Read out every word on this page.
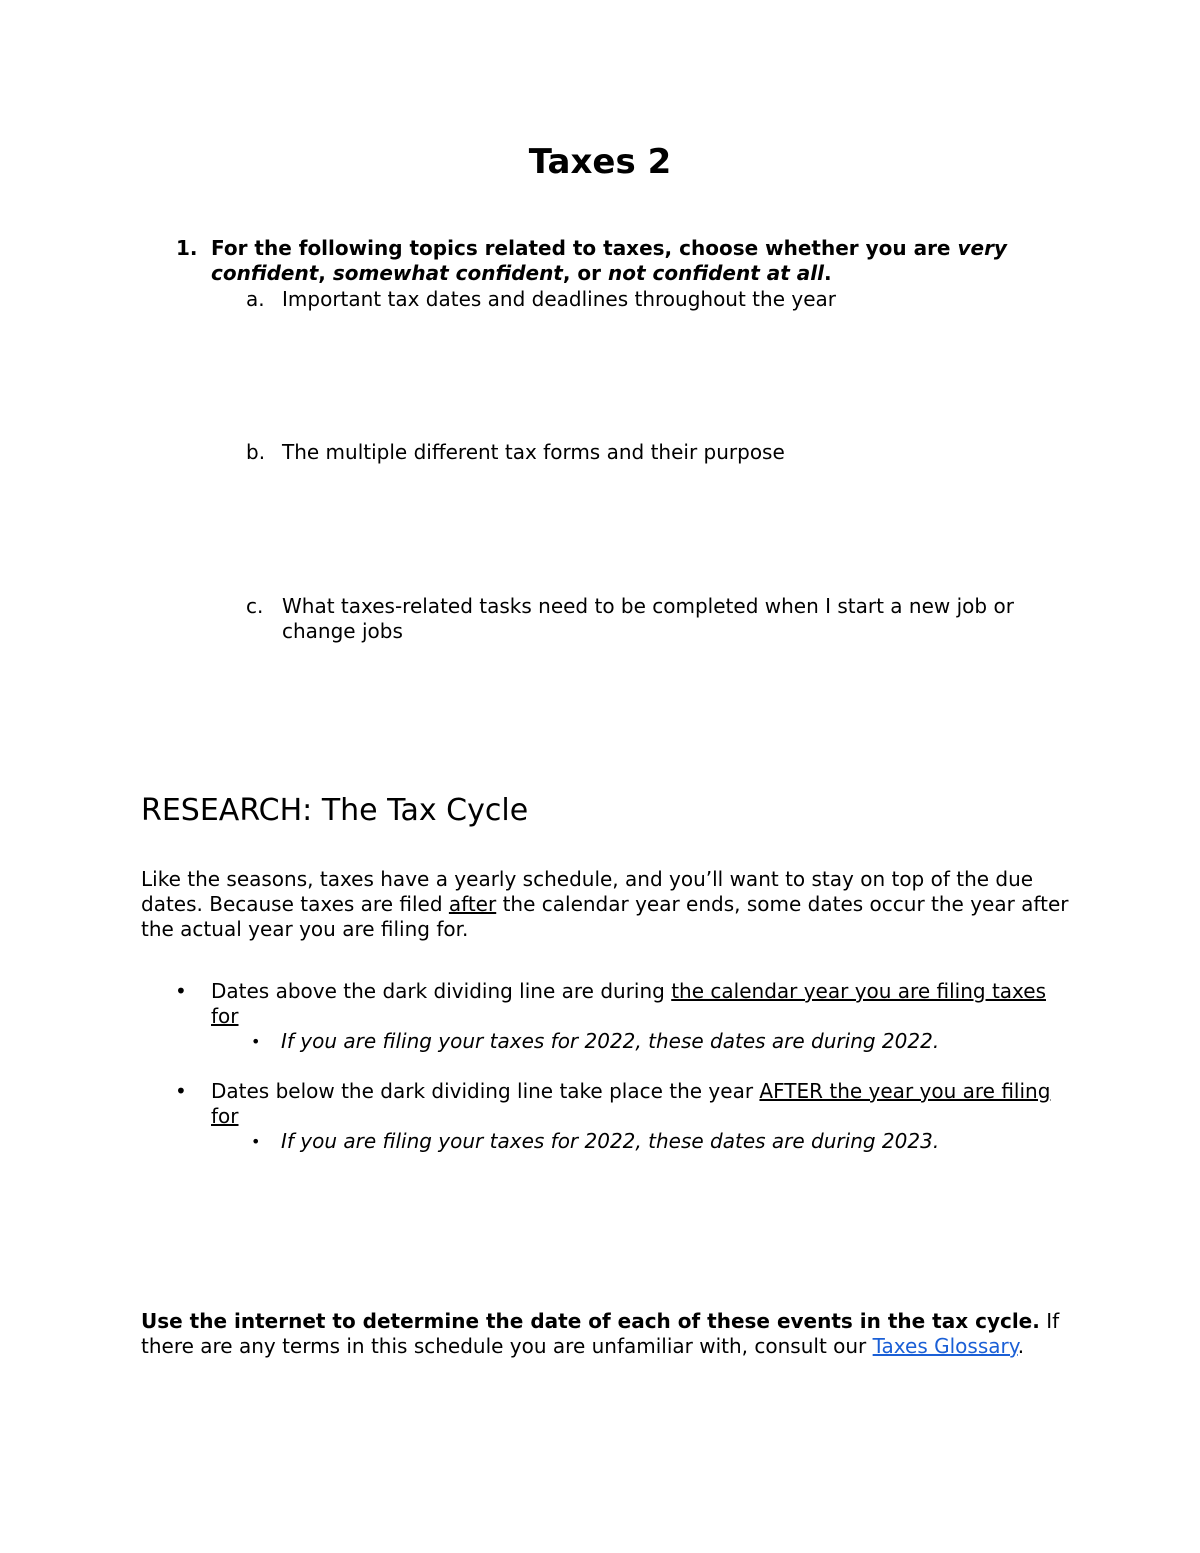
Taxes 2
1. For the following topics related to taxes, choose whether you are very confident, somewhat confident, or not confident at all.
a. Important tax dates and deadlines throughout the year
b. The multiple different tax forms and their purpose
c. What taxes-related tasks need to be completed when I start a new job or change jobs
RESEARCH: The Tax Cycle
Like the seasons, taxes have a yearly schedule, and you’ll want to stay on top of the due dates. Because taxes are filed after the calendar year ends, some dates occur the year after the actual year you are filing for.
• Dates above the dark dividing line are during the calendar year you are filing taxes for
• If you are filing your taxes for 2022, these dates are during 2022.
• Dates below the dark dividing line take place the year AFTER the year you are filing for
• If you are filing your taxes for 2022, these dates are during 2023.
Use the internet to determine the date of each of these events in the tax cycle. If there are any terms in this schedule you are unfamiliar with, consult our Taxes Glossary.
